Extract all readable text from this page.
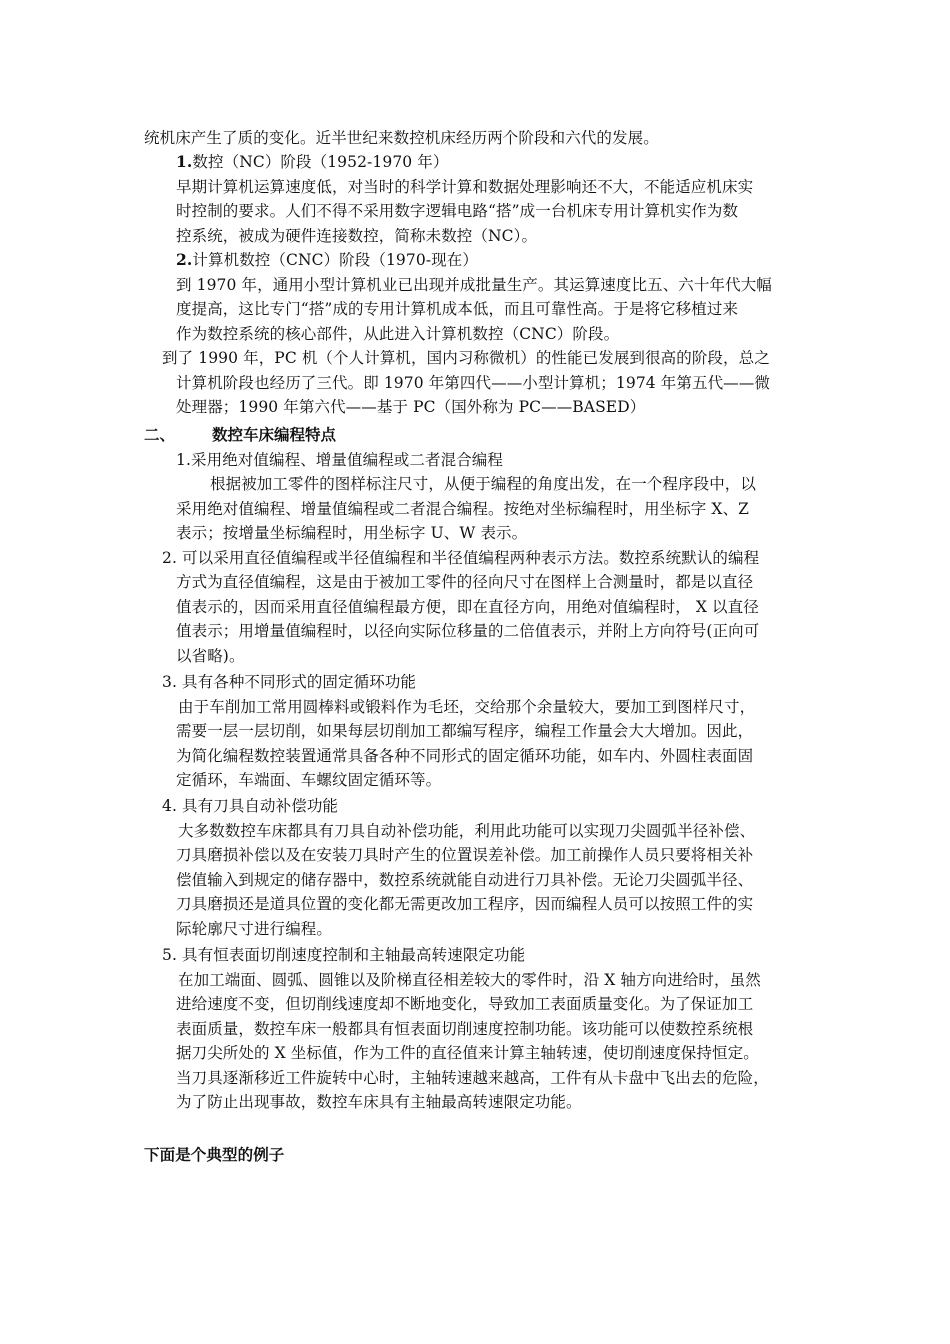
统机床产生了质的变化。近半世纪来数控机床经历两个阶段和六代的发展。
1.数控（NC）阶段（1952-1970 年）
早期计算机运算速度低，对当时的科学计算和数据处理影响还不大，不能适应机床实
时控制的要求。人们不得不采用数字逻辑电路“搭”成一台机床专用计算机实作为数
控系统，被成为硬件连接数控，简称未数控（NC）。
2.计算机数控（CNC）阶段（1970-现在）
到 1970 年，通用小型计算机业已出现并成批量生产。其运算速度比五、六十年代大幅
度提高，这比专门“搭”成的专用计算机成本低，而且可靠性高。于是将它移植过来
作为数控系统的核心部件，从此进入计算机数控（CNC）阶段。
到了 1990 年，PC 机（个人计算机，国内习称微机）的性能已发展到很高的阶段，总之
计算机阶段也经历了三代。即 1970 年第四代——小型计算机；1974 年第五代——微
处理器；1990 年第六代——基于 PC（国外称为 PC——BASED）
二、 数控车床编程特点
1.采用绝对值编程、增量值编程或二者混合编程
根据被加工零件的图样标注尺寸，从便于编程的角度出发，在一个程序段中，以
采用绝对值编程、增量值编程或二者混合编程。按绝对坐标编程时，用坐标字 X、Z
表示；按增量坐标编程时，用坐标字 U、W 表示。
2. 可以采用直径值编程或半径值编程和半径值编程两种表示方法。数控系统默认的编程
方式为直径值编程，这是由于被加工零件的径向尺寸在图样上合测量时，都是以直径
值表示的，因而采用直径值编程最方便，即在直径方向，用绝对值编程时， X 以直径
值表示；用增量值编程时，以径向实际位移量的二倍值表示，并附上方向符号(正向可
以省略)。
3. 具有各种不同形式的固定循环功能
由于车削加工常用圆棒料或锻料作为毛坯，交给那个余量较大，要加工到图样尺寸，
需要一层一层切削，如果每层切削加工都编写程序，编程工作量会大大增加。因此，
为简化编程数控装置通常具备各种不同形式的固定循环功能，如车内、外圆柱表面固
定循环，车端面、车螺纹固定循环等。
4. 具有刀具自动补偿功能
大多数数控车床都具有刀具自动补偿功能，利用此功能可以实现刀尖圆弧半径补偿、
刀具磨损补偿以及在安装刀具时产生的位置误差补偿。加工前操作人员只要将相关补
偿值输入到规定的储存器中，数控系统就能自动进行刀具补偿。无论刀尖圆弧半径、
刀具磨损还是道具位置的变化都无需更改加工程序，因而编程人员可以按照工件的实
际轮廓尺寸进行编程。
5. 具有恒表面切削速度控制和主轴最高转速限定功能
在加工端面、圆弧、圆锥以及阶梯直径相差较大的零件时，沿 X 轴方向进给时，虽然
进给速度不变，但切削线速度却不断地变化，导致加工表面质量变化。为了保证加工
表面质量，数控车床一般都具有恒表面切削速度控制功能。该功能可以使数控系统根
据刀尖所处的 X 坐标值，作为工件的直径值来计算主轴转速，使切削速度保持恒定。
当刀具逐渐移近工件旋转中心时，主轴转速越来越高，工件有从卡盘中飞出去的危险，
为了防止出现事故，数控车床具有主轴最高转速限定功能。
下面是个典型的例子
